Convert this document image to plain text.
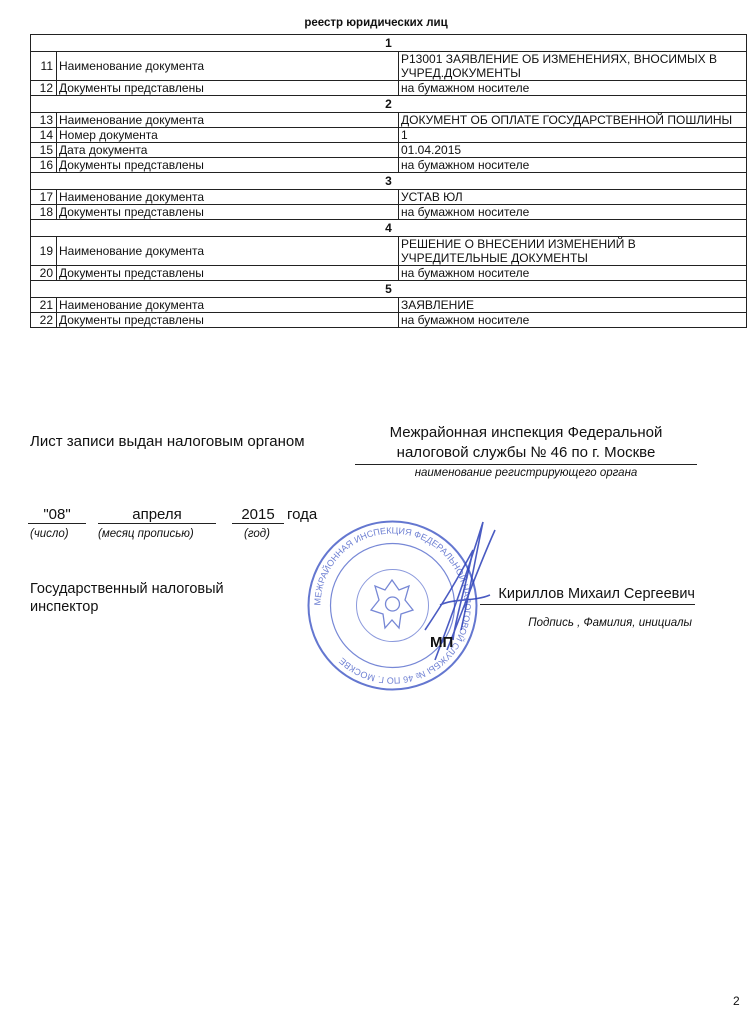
реестр юридических лиц
1		
11	Наименование документа	Р13001 ЗАЯВЛЕНИЕ ОБ ИЗМЕНЕНИЯХ, ВНОСИМЫХ В УЧРЕД.ДОКУМЕНТЫ
12	Документы представлены	на бумажном носителе
2		
13	Наименование документа	ДОКУМЕНТ ОБ ОПЛАТЕ ГОСУДАРСТВЕННОЙ ПОШЛИНЫ
14	Номер документа	1
15	Дата документа	01.04.2015
16	Документы представлены	на бумажном носителе
3		
17	Наименование документа	УСТАВ ЮЛ
18	Документы представлены	на бумажном носителе
4		
19	Наименование документа	РЕШЕНИЕ О ВНЕСЕНИИ ИЗМЕНЕНИЙ В УЧРЕДИТЕЛЬНЫЕ ДОКУМЕНТЫ
20	Документы представлены	на бумажном носителе
5		
21	Наименование документа	ЗАЯВЛЕНИЕ
22	Документы представлены	на бумажном носителе
Лист записи выдан налоговым органом
Межрайонная инспекция Федеральной налоговой службы № 46 по г. Москве
наименование регистрирующего органа
"08"	апреля	2015 года
(число)	(месяц прописью)	(год)
Государственный налоговый инспектор
Кириллов Михаил Сергеевич
Подпись , Фамилия, инициалы
МЕЖРАЙОННАЯ ИНСПЕКЦИЯ ФЕДЕРАЛЬНОЙ НАЛОГОВОЙ СЛУЖБЫ № 46 ПО Г. МОСКВЕ
МП
2
